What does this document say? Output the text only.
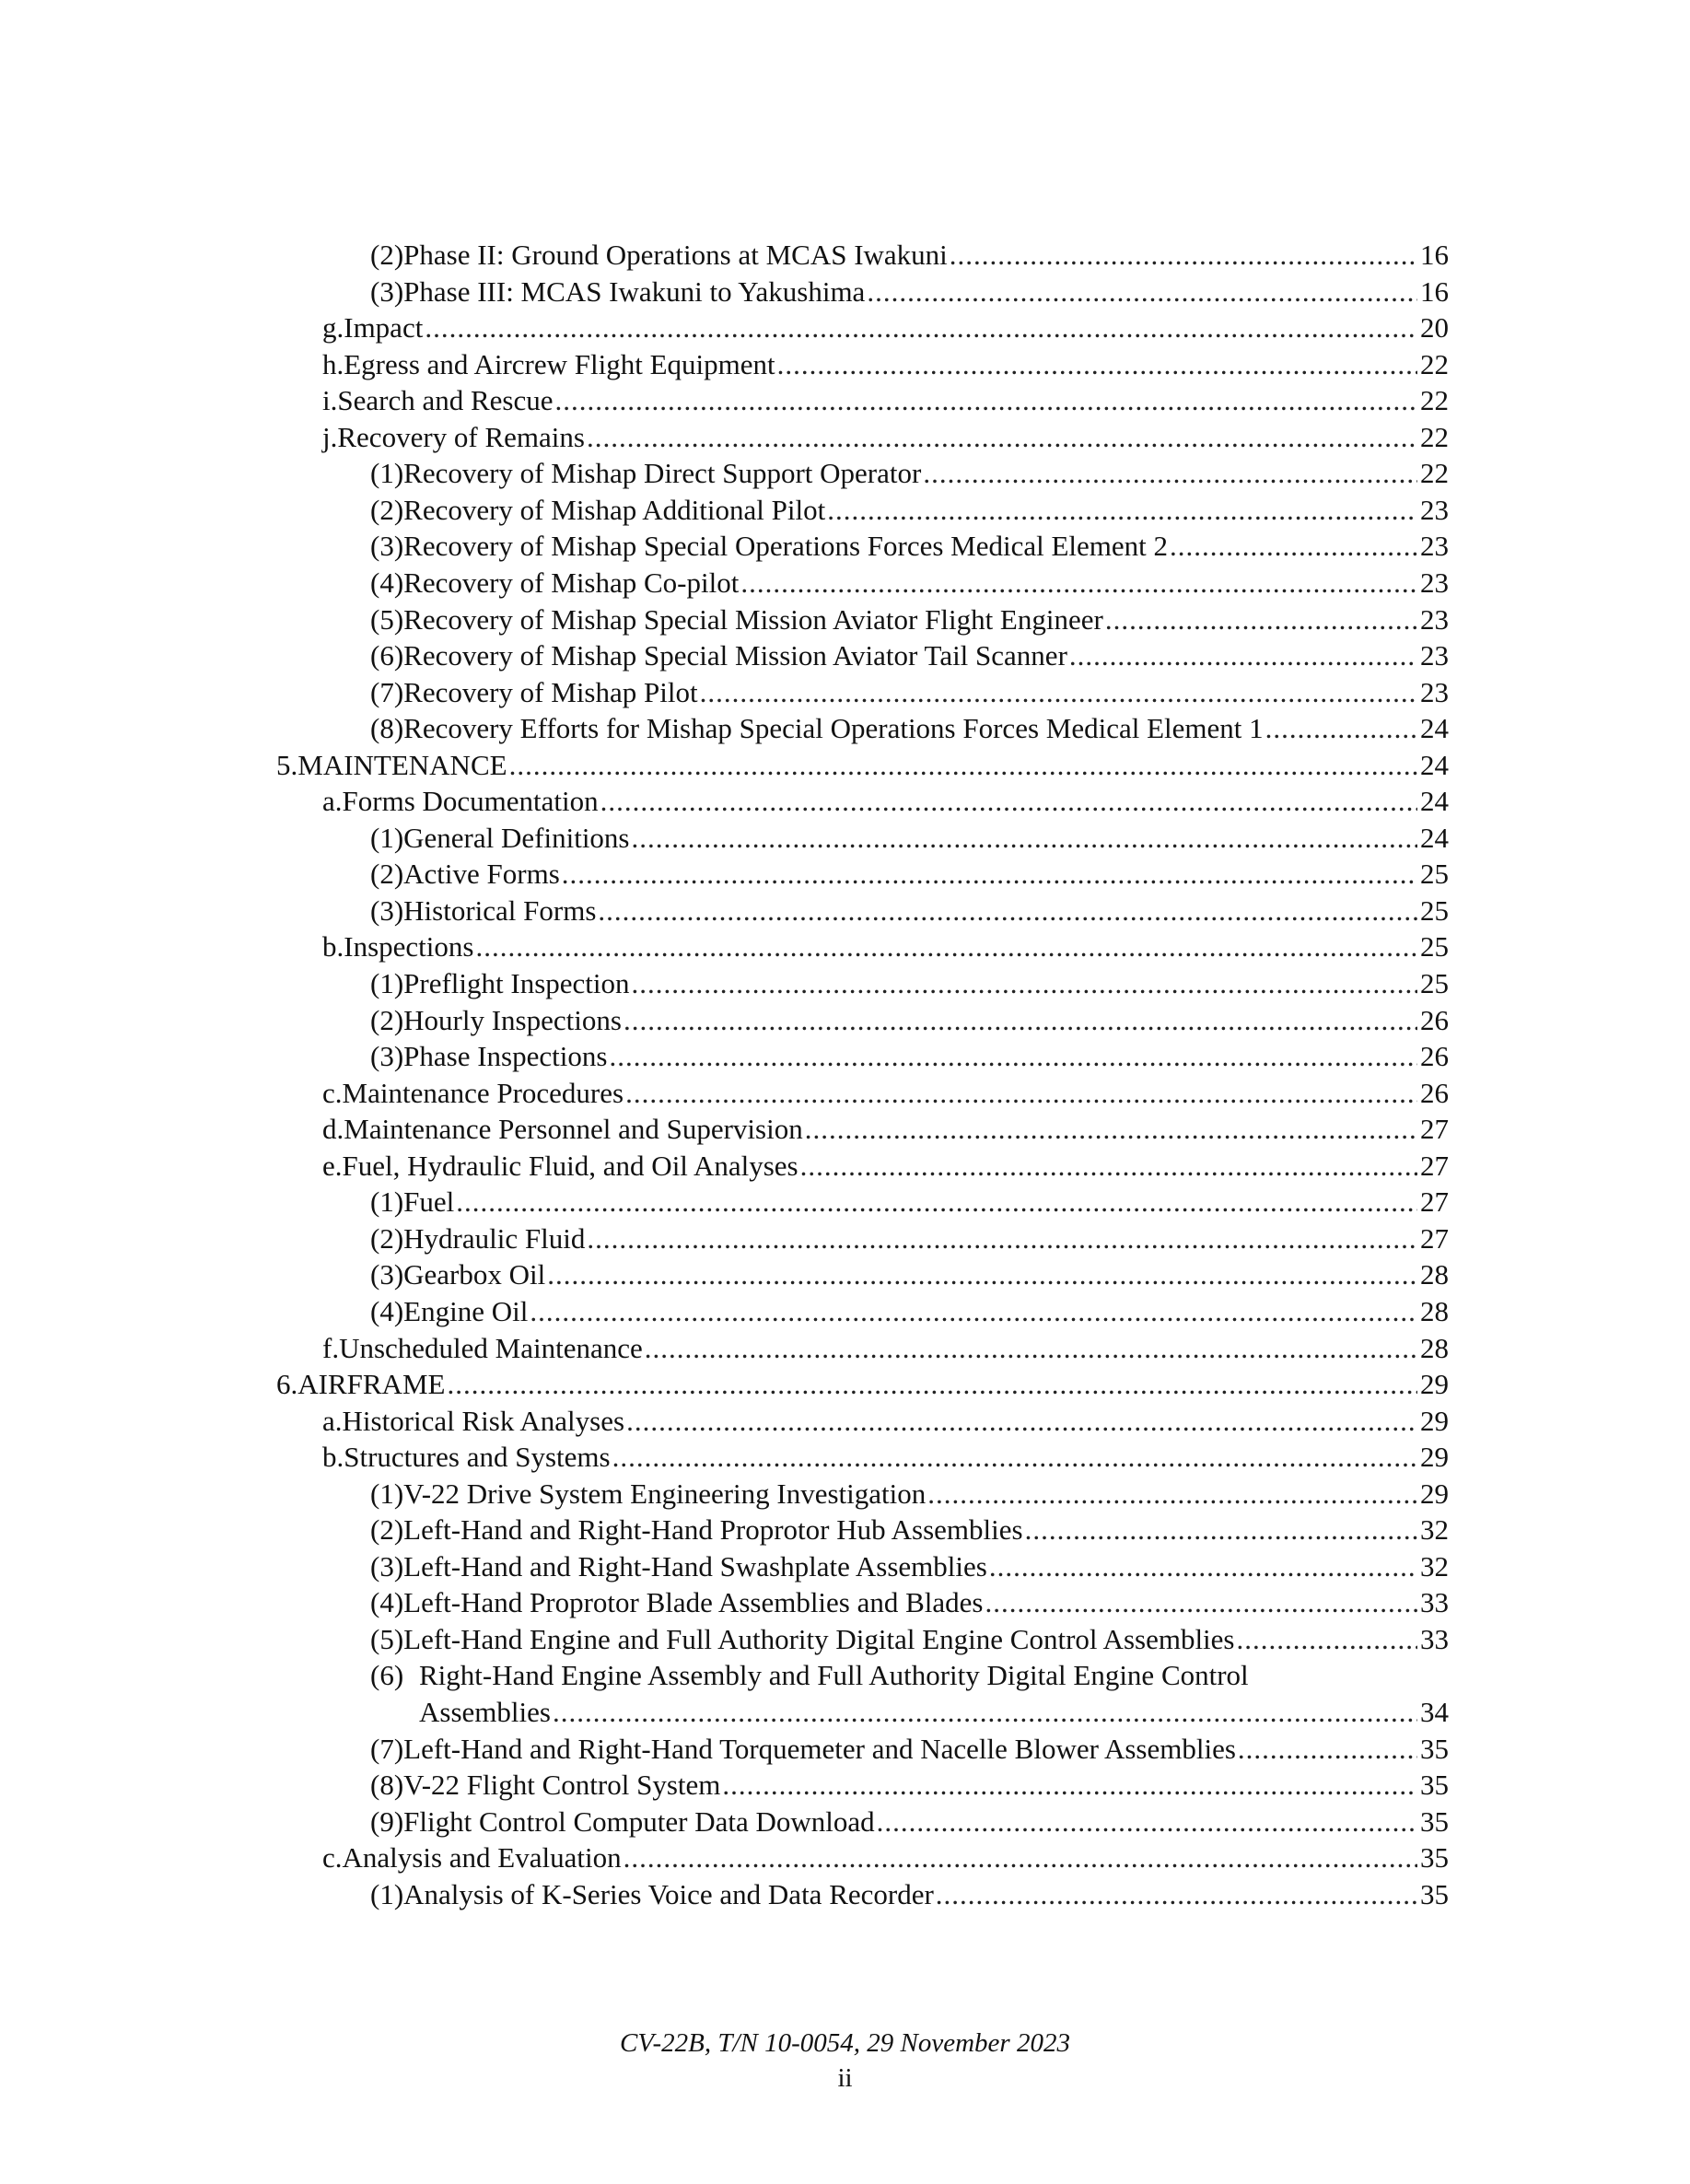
(2) Phase II: Ground Operations at MCAS Iwakuni .....	16
(3) Phase III: MCAS Iwakuni to Yakushima .....	16
g. Impact .....	20
h. Egress and Aircrew Flight Equipment .....	22
i. Search and Rescue .....	22
j. Recovery of Remains .....	22
(1) Recovery of Mishap Direct Support Operator .....	22
(2) Recovery of Mishap Additional Pilot .....	23
(3) Recovery of Mishap Special Operations Forces Medical Element 2 .....	23
(4) Recovery of Mishap Co-pilot .....	23
(5) Recovery of Mishap Special Mission Aviator Flight Engineer .....	23
(6) Recovery of Mishap Special Mission Aviator Tail Scanner .....	23
(7) Recovery of Mishap Pilot .....	23
(8) Recovery Efforts for Mishap Special Operations Forces Medical Element 1 .....	24
5. MAINTENANCE .....	24
a. Forms Documentation .....	24
(1) General Definitions .....	24
(2) Active Forms .....	25
(3) Historical Forms .....	25
b. Inspections .....	25
(1) Preflight Inspection .....	25
(2) Hourly Inspections .....	26
(3) Phase Inspections .....	26
c. Maintenance Procedures .....	26
d. Maintenance Personnel and Supervision .....	27
e. Fuel, Hydraulic Fluid, and Oil Analyses .....	27
(1) Fuel .....	27
(2) Hydraulic Fluid .....	27
(3) Gearbox Oil .....	28
(4) Engine Oil .....	28
f. Unscheduled Maintenance .....	28
6. AIRFRAME .....	29
a. Historical Risk Analyses .....	29
b. Structures and Systems .....	29
(1) V-22 Drive System Engineering Investigation .....	29
(2) Left-Hand and Right-Hand Proprotor Hub Assemblies .....	32
(3) Left-Hand and Right-Hand Swashplate Assemblies .....	32
(4) Left-Hand Proprotor Blade Assemblies and Blades .....	33
(5) Left-Hand Engine and Full Authority Digital Engine Control Assemblies .....	33
(6) Right-Hand Engine Assembly and Full Authority Digital Engine Control
Assemblies .....	34
(7) Left-Hand and Right-Hand Torquemeter and Nacelle Blower Assemblies .....	35
(8) V-22 Flight Control System .....	35
(9) Flight Control Computer Data Download .....	35
c. Analysis and Evaluation .....	35
(1) Analysis of K-Series Voice and Data Recorder .....	35
CV-22B, T/N 10-0054, 29 November 2023
ii
